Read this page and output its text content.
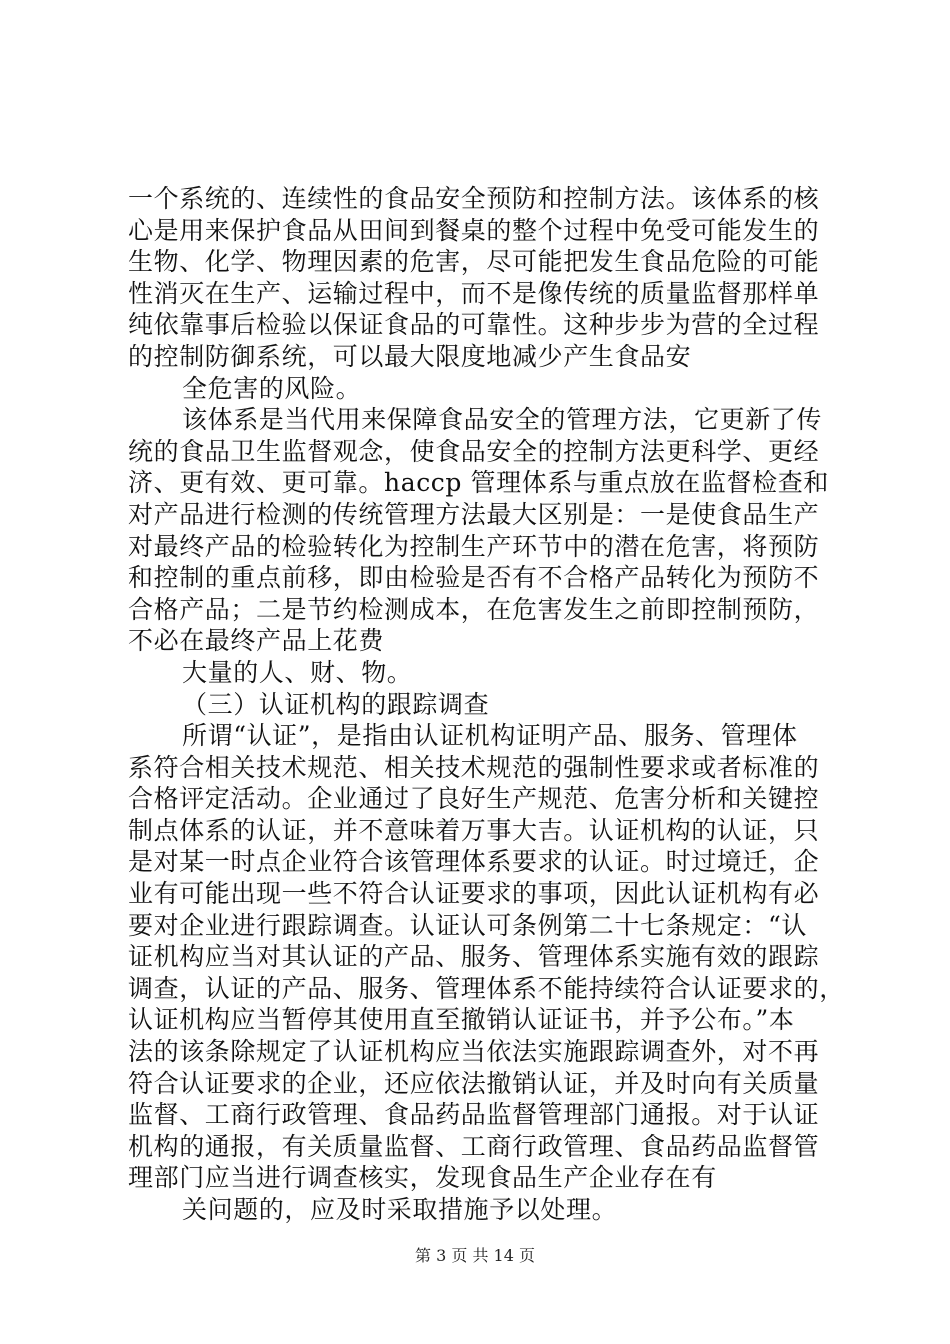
一个系统的、连续性的食品安全预防和控制方法。该体系的核
心是用来保护食品从田间到餐桌的整个过程中免受可能发生的
生物、化学、物理因素的危害，尽可能把发生食品危险的可能
性消灭在生产、运输过程中，而不是像传统的质量监督那样单
纯依靠事后检验以保证食品的可靠性。这种步步为营的全过程
的控制防御系统，可以最大限度地减少产生食品安
全危害的风险。
该体系是当代用来保障食品安全的管理方法，它更新了传
统的食品卫生监督观念，使食品安全的控制方法更科学、更经
济、更有效、更可靠。haccp 管理体系与重点放在监督检查和
对产品进行检测的传统管理方法最大区别是：一是使食品生产
对最终产品的检验转化为控制生产环节中的潜在危害，将预防
和控制的重点前移，即由检验是否有不合格产品转化为预防不
合格产品；二是节约检测成本，在危害发生之前即控制预防，
不必在最终产品上花费
大量的人、财、物。
（三）认证机构的跟踪调查
所谓“认证”，是指由认证机构证明产品、服务、管理体
系符合相关技术规范、相关技术规范的强制性要求或者标准的
合格评定活动。企业通过了良好生产规范、危害分析和关键控
制点体系的认证，并不意味着万事大吉。认证机构的认证，只
是对某一时点企业符合该管理体系要求的认证。时过境迁，企
业有可能出现一些不符合认证要求的事项，因此认证机构有必
要对企业进行跟踪调查。认证认可条例第二十七条规定：“认
证机构应当对其认证的产品、服务、管理体系实施有效的跟踪
调查，认证的产品、服务、管理体系不能持续符合认证要求的，
认证机构应当暂停其使用直至撤销认证证书，并予公布。”本
法的该条除规定了认证机构应当依法实施跟踪调查外，对不再
符合认证要求的企业，还应依法撤销认证，并及时向有关质量
监督、工商行政管理、食品药品监督管理部门通报。对于认证
机构的通报，有关质量监督、工商行政管理、食品药品监督管
理部门应当进行调查核实，发现食品生产企业存在有
关问题的，应及时采取措施予以处理。
第 3 页 共 14 页
